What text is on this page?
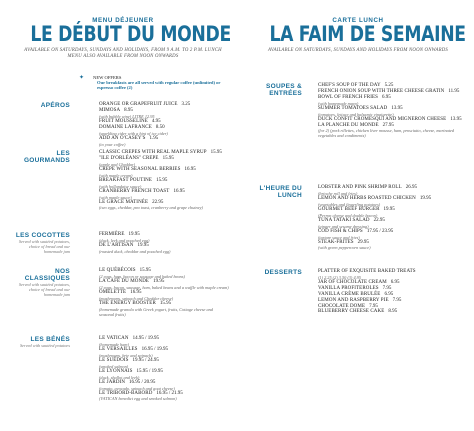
MENU DÉJEUNER
LE DÉBUT DU MONDE
AVAILABLE ON SATURDAYS, SUNDAYS AND HOLIDAYS, FROM 9 A.M. TO 2 P.M. LUNCH MENU ALSO AVAILABLE FROM NOON ONWARDS
✦ NEW OFFERS
Our breakfasts are all served with regular coffee (unlimited) or espresso coffee (2)
APÉROS	ORANGE OR GRAPEFRUIT JUICE 3.25
MIMOSA 8.95
(with bubbly wine) LITRE 12.95
FRUIT MOUSSELINE 4.95
DOMAINE LAFRANCE 8.50
(sparkling cider with a hint of ice cider)
ADD AN O'CASEY'S 1.95
(to your coffee)
LES GOURMANDS
CLASSIC CREPES WITH REAL MAPLE SYRUP 15.95
"ILE D'ORLÉANS" CREPE 15.95
(apple and Cheddar)
CREPE WITH SEASONAL BERRIES 16.95
(with maple cream)
BREAKFAST POUTINE 15.95
(with hollandaise sauce)
CRANBERRY FRENCH TOAST 16.95
(with maple sauce)
LE GRACE MATINÉE 22.95
(two eggs, cheddar, pea toast, cranberry and grape chutney)
LES COCOTTES
Served with sautéed potatoes, choice of bread and our homemade jam
FERMIÈRE 19.95
(duck, leek and poached egg)
DE L'ARTISAN 19.95
(roasted duck, cheddar and poached egg)
NOS CLASSIQUES
Served with sautéed potatoes, choice of bread and our homemade jam
LE QUÉBÉCOIS 15.95
(2 eggs, ham, bacon or sausage and baked beans)
LA CAFÉ DU MONDE 19.95
(2 eggs, bacon, sausage, ham, baked beans and a waffle with maple cream)
OMELETTE 16.95
(mushrooms, spinach and Cheddar cheese)
THE ENERGY BOOSTER 15.95
(homemade granola with Greek yogurt, fruits, Cottage cheese and seasonal fruits)
LES BÉNÉS
Served with sautéed potatoes
LE VATICAN 14.95 / 19.95
(homemade ham)
LE VERSAILLES 16.95 / 19.95
(mushrooms, brie and spinach)
LE SUÉDOIS 19.95 / 24.95
(smoked salmon)
LE LYONNAIS 15.95 / 19.95
(duck, shallot and leek)
LE JARDIN 16.95 / 20.95
(tomato, avocado, spinach and goat cheese)
LE TRIBORD-BABORD 16.95 / 21.95
(VATICAN benedict egg and smoked salmon)
CARTE LUNCH
LA FAIM DE SEMAINE
AVAILABLE ON SATURDAYS, SUNDAYS AND HOLIDAYS FROM NOON ONWARDS
SOUPES & ENTRÉES
CHEF'S SOUP OF THE DAY 5.25
FRENCH ONION SOUP WITH THREE CHEESE GRATIN 11.95
BOWL OF FRENCH FRIES 6.95
(with homemade mayo)
SUMMER TOMATOES SALAD 13.95
(tomatoes, lettuce and balsamic vinaigrette)
DUCK CONFIT CROMESQUI AND MIGNERON CHEESE 13.95
LA PLANCHE DU MONDE 27.95
(for 2) (pork rillettes, chicken liver mousse, ham, prosciutto, cheese, marinated vegetables and condiments)
L'HEURE DU LUNCH
LOBSTER AND PINK SHRIMP ROLL 26.95
(brioche roll and fries)
LEMON AND HERBS ROASTED CHICKEN 19.95
(vegetables and fingerling potatoes)
GOURMET BEEF BURGER 19.95
(Perron cheese and double bacon)
TUNA TATAKI SALAD 22.95
(ginger and sesame dressing)
COD FISH & CHIPS 17.95 / 23.95
(tartare sauce and fries)
STEAK-FRITES 29.95
(with green peppercorn sauce)
DESSERTS	PLATTER OF EXQUISITE BAKED TREATS
(1) 2.25 (2) 3.50 (3) 4.95
JAR OF CHOCOLATE CREAM 6.95
VANILLA PROFITEROLES 7.95
VANILLA CRÈME BRULÉE 6.95
LEMON AND RASPBERRY PIE 7.95
CHOCOLATE DOME 7.95
BLUEBERRY CHEESE CAKE 8.95
